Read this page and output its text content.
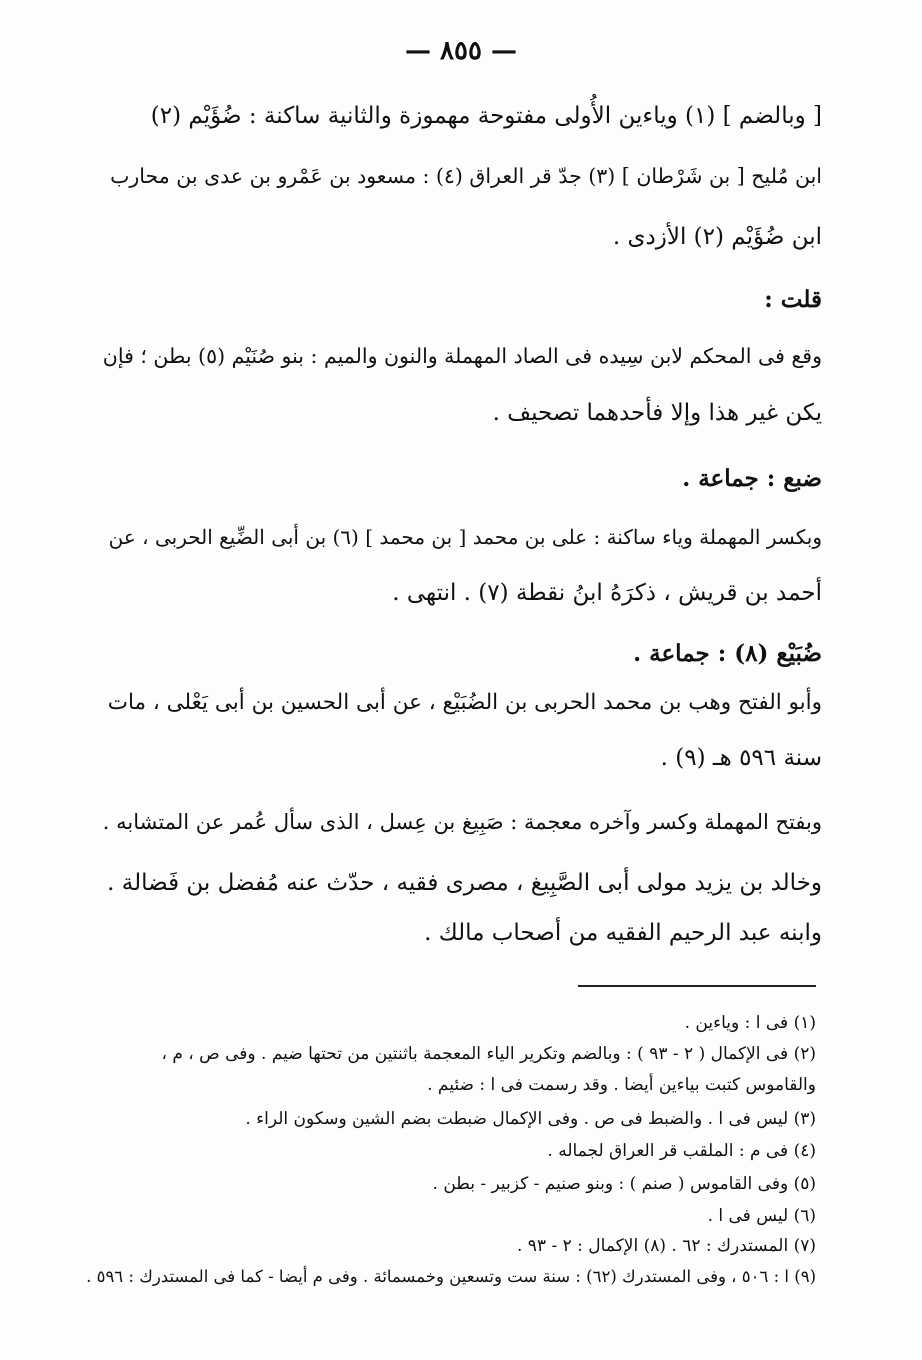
— ٨٥٥ —
[ وبالضم ] (١) وياءين الأُولى مفتوحة مهموزة والثانية ساكنة : ضُؤَيْم (٢)
ابن مُليح [ بن شَرْطان ] (٣) جدّ قر العراق (٤) : مسعود بن عَمْرو بن عدى بن محارب
ابن ضُؤَيْم (٢) الأزدى .
قلت :
وقع فى المحكم لابن سِيده فى الصاد المهملة والنون والميم : بنو صُنَيْم (٥) بطن ؛ فإن
يكن غير هذا وإلا فأحدهما تصحيف .
ضبع : جماعة .
وبكسر المهملة وياء ساكنة : على بن محمد [ بن محمد ] (٦) بن أبى الضِّيع الحربى ، عن
أحمد بن قريش ، ذكرَهُ ابنُ نقطة (٧) . انتهى .
ضُبَيْع (٨) : جماعة .
وأبو الفتح وهب بن محمد الحربى بن الضُبَيْع ، عن أبى الحسين بن أبى يَعْلى ، مات
سنة ٥٩٦ هـ (٩) .
وبفتح المهملة وكسر وآخره معجمة : صَبِيغ بن عِسل ، الذى سأل عُمر عن المتشابه .
وخالد بن يزيد مولى أبى الصَّبِيغ ، مصرى فقيه ، حدّث عنه مُفضل بن فَضالة .
وابنه عبد الرحيم الفقيه من أصحاب مالك .
(١) فى ا : وياءين .
(٢) فى الإكمال ( ٢ - ٩٣ ) : وبالضم وتكرير الياء المعجمة باثنتين من تحتها ضيم . وفى ص ، م ،
والقاموس كتبت بياءين أيضا . وقد رسمت فى ا : ضئيم .
(٣) ليس فى ا . والضبط فى ص . وفى الإكمال ضبطت بضم الشين وسكون الراء .
(٤) فى م : الملقب قر العراق لجماله .
(٥) وفى القاموس ( صنم ) : وبنو صنيم - كزبير - بطن .
(٦) ليس فى ا .
(٧) المستدرك : ٦٢ . (٨) الإكمال : ٢ - ٩٣ .
(٩) ا : ٥٠٦ ، وفى المستدرك (٦٢) : سنة ست وتسعين وخمسمائة . وفى م أيضا - كما فى المستدرك : ٥٩٦ .
